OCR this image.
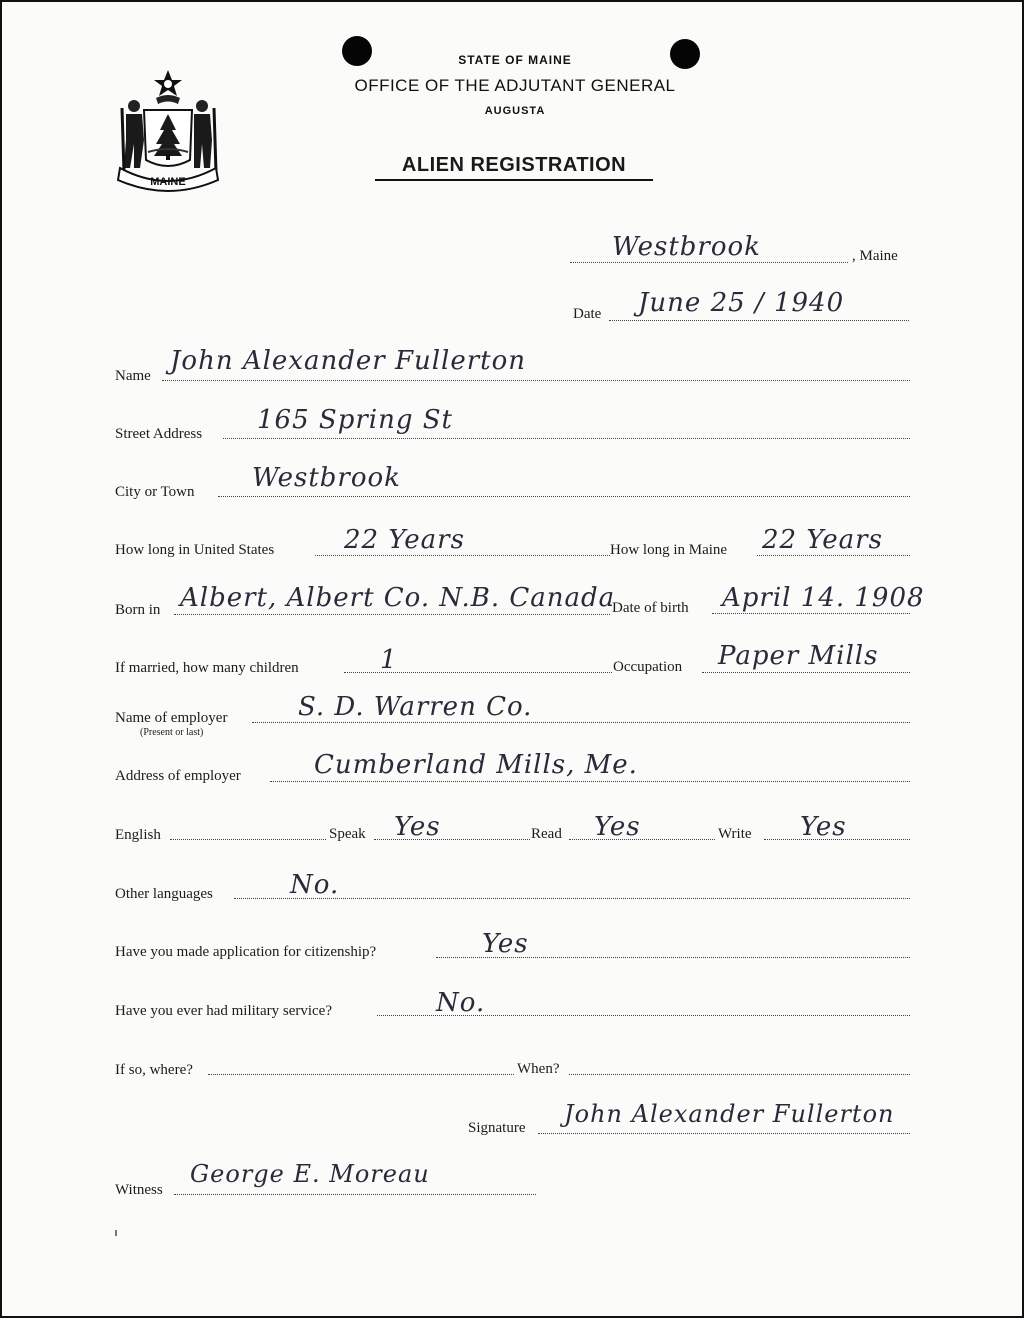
MAINE
STATE OF MAINE
OFFICE OF THE ADJUTANT GENERAL
AUGUSTA
ALIEN REGISTRATION
Westbrook	, Maine
Date June 25 / 1940
Name John Alexander Fullerton
Street Address 165 Spring St
City or Town Westbrook
How long in United States	22 Years	How long in Maine 22 Years
Born in Albert, Albert Co. N.B. Canada
Date of birth April 14. 1908
If married, how many children	1	Occupation Paper Mills
Name of employer
(Present or last)
S. D. Warren Co.
Address of employer	Cumberland Mills, Me.
English	Speak Yes	Read Yes	Write Yes
Other languages	No.
Have you made application for citizenship?	Yes
Have you ever had military service?	No.
If so, where?	When?
Signature John Alexander Fullerton
Witness
George E. Moreau
